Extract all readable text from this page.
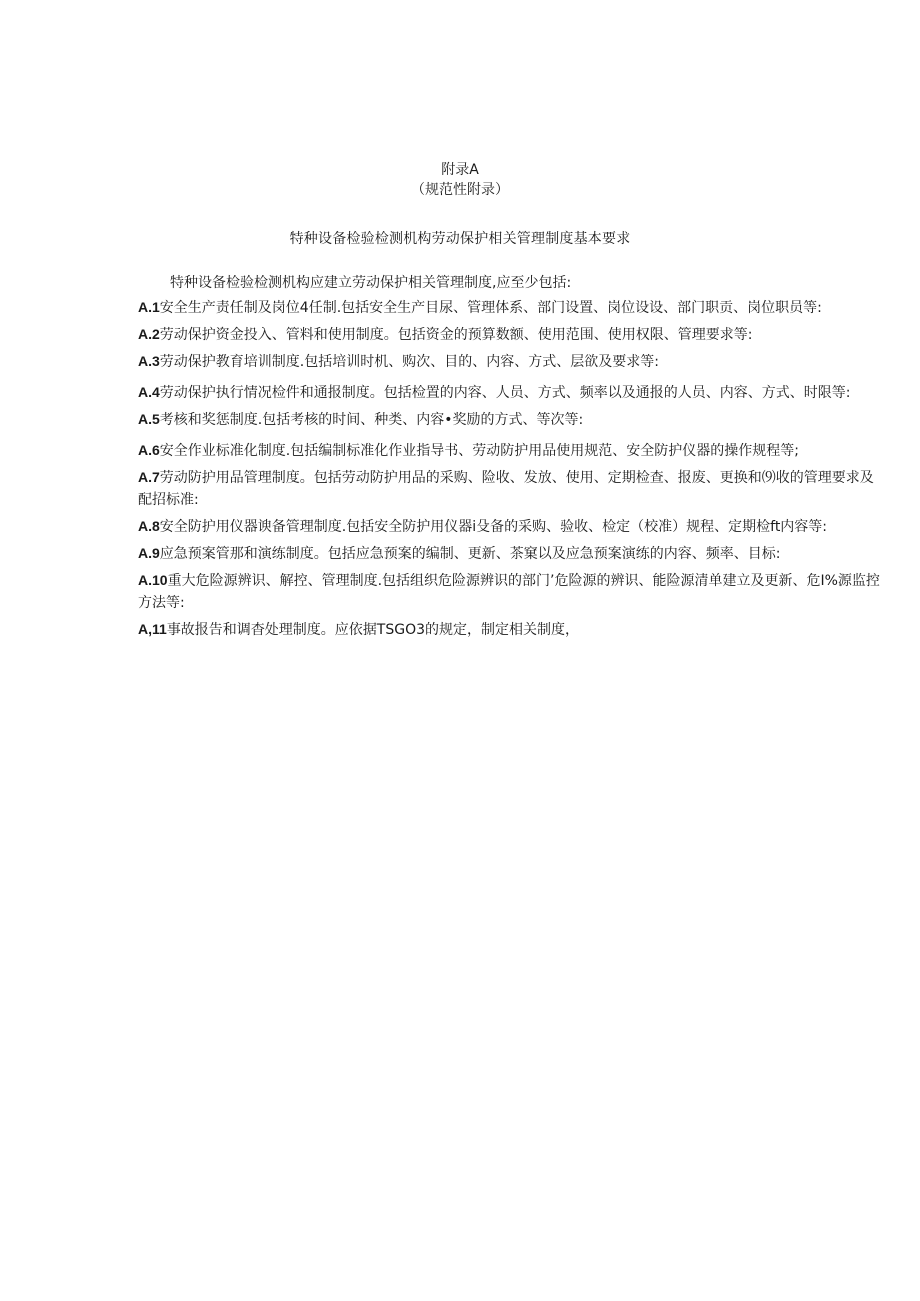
附录A
（规范性附录）
特种设备检验检测机构劳动保护相关管理制度基本要求

特种设备检验检测机构应建立劳动保护相关管理制度,应至少包括:

A.1安全生产责任制及岗位4任制.包括安全生产目尿、管理体系、部门设置、岗位设设、部门职贡、岗位职员等:

A.2劳动保护资金投入、管料和使用制度。包括资金的预算数额、使用范围、使用权限、管理要求等:

A.3劳动保护教育培训制度.包括培训时机、购次、目的、内容、方式、层欲及要求等:

A.4劳动保护执行情况检件和通报制度。包括检置的内容、人员、方式、频率以及通报的人员、内容、方式、时限等:

A.5考核和奖惩制度.包括考核的时间、种类、内容•奖励的方式、等次等:

A.6安全作业标准化制度.包括编制标准化作业指导书、劳动防护用品使用规范、安全防护仪器的操作规程等;

A.7劳动防护用品管理制度。包括劳动防护用品的采购、险收、发放、使用、定期检查、报废、更换和⑼收的管理要求及配招标准:

A.8安全防护用仪器谀备管理制度.包括安全防护用仪器i殳备的采购、验收、检定（校准）规程、定期检ft内容等:

A.9应急预案管那和演练制度。包括应急预案的编制、更新、茶窠以及应急预案演练的内容、频率、目标:

A.10重大危险源辨识、解控、管理制度.包括组织危险源辨识的部门’危险源的辨识、能险源清单建立及更新、危I%源监控方法等:

A,11事故报告和调杳处理制度。应依据TSGO3的规定，制定相关制度，
